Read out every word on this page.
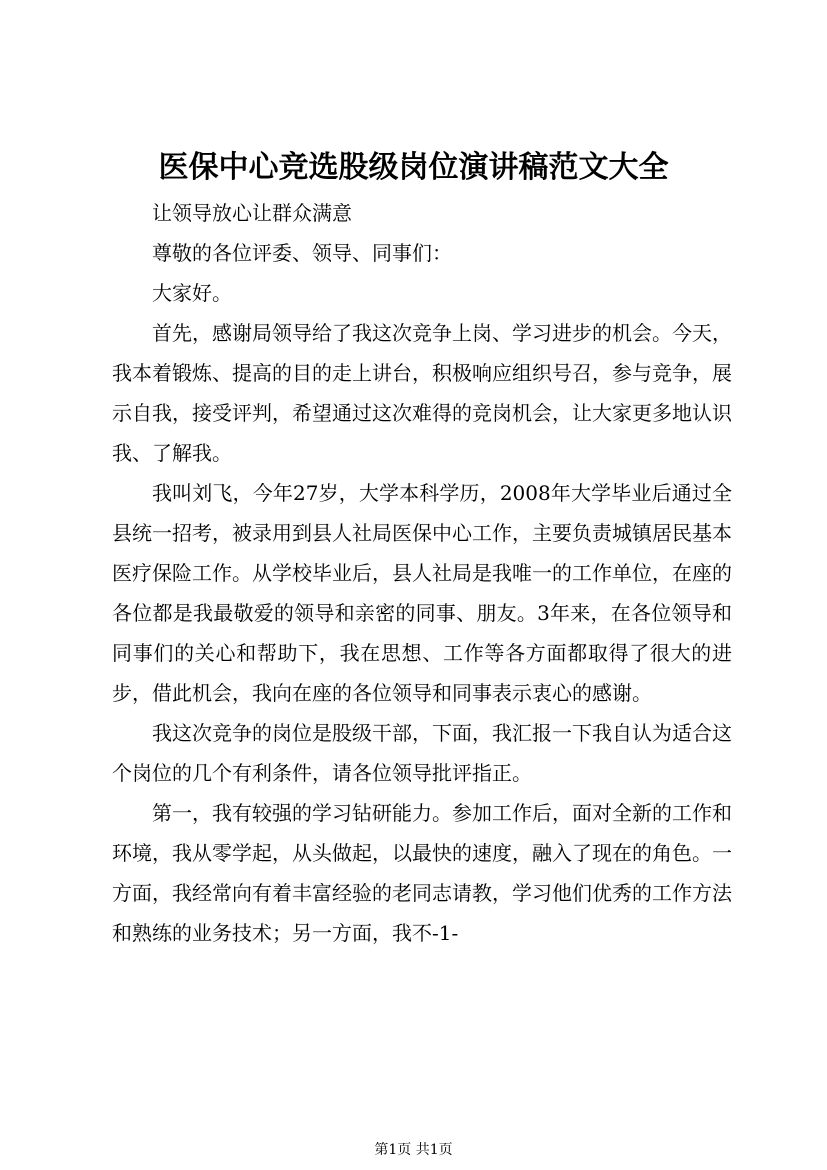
医保中心竞选股级岗位演讲稿范文大全

让领导放心让群众满意

尊敬的各位评委、领导、同事们：

大家好。

首先，感谢局领导给了我这次竞争上岗、学习进步的机会。今天，我本着锻炼、提高的目的走上讲台，积极响应组织号召，参与竞争，展示自我，接受评判，希望通过这次难得的竞岗机会，让大家更多地认识我、了解我。

我叫刘飞，今年27岁，大学本科学历，2008年大学毕业后通过全县统一招考，被录用到县人社局医保中心工作，主要负责城镇居民基本医疗保险工作。从学校毕业后，县人社局是我唯一的工作单位，在座的各位都是我最敬爱的领导和亲密的同事、朋友。3年来，在各位领导和同事们的关心和帮助下，我在思想、工作等各方面都取得了很大的进步，借此机会，我向在座的各位领导和同事表示衷心的感谢。

我这次竞争的岗位是股级干部，下面，我汇报一下我自认为适合这个岗位的几个有利条件，请各位领导批评指正。

第一，我有较强的学习钻研能力。参加工作后，面对全新的工作和环境，我从零学起，从头做起，以最快的速度，融入了现在的角色。一方面，我经常向有着丰富经验的老同志请教，学习他们优秀的工作方法和熟练的业务技术；另一方面，我不-1-

第1页 共1页
